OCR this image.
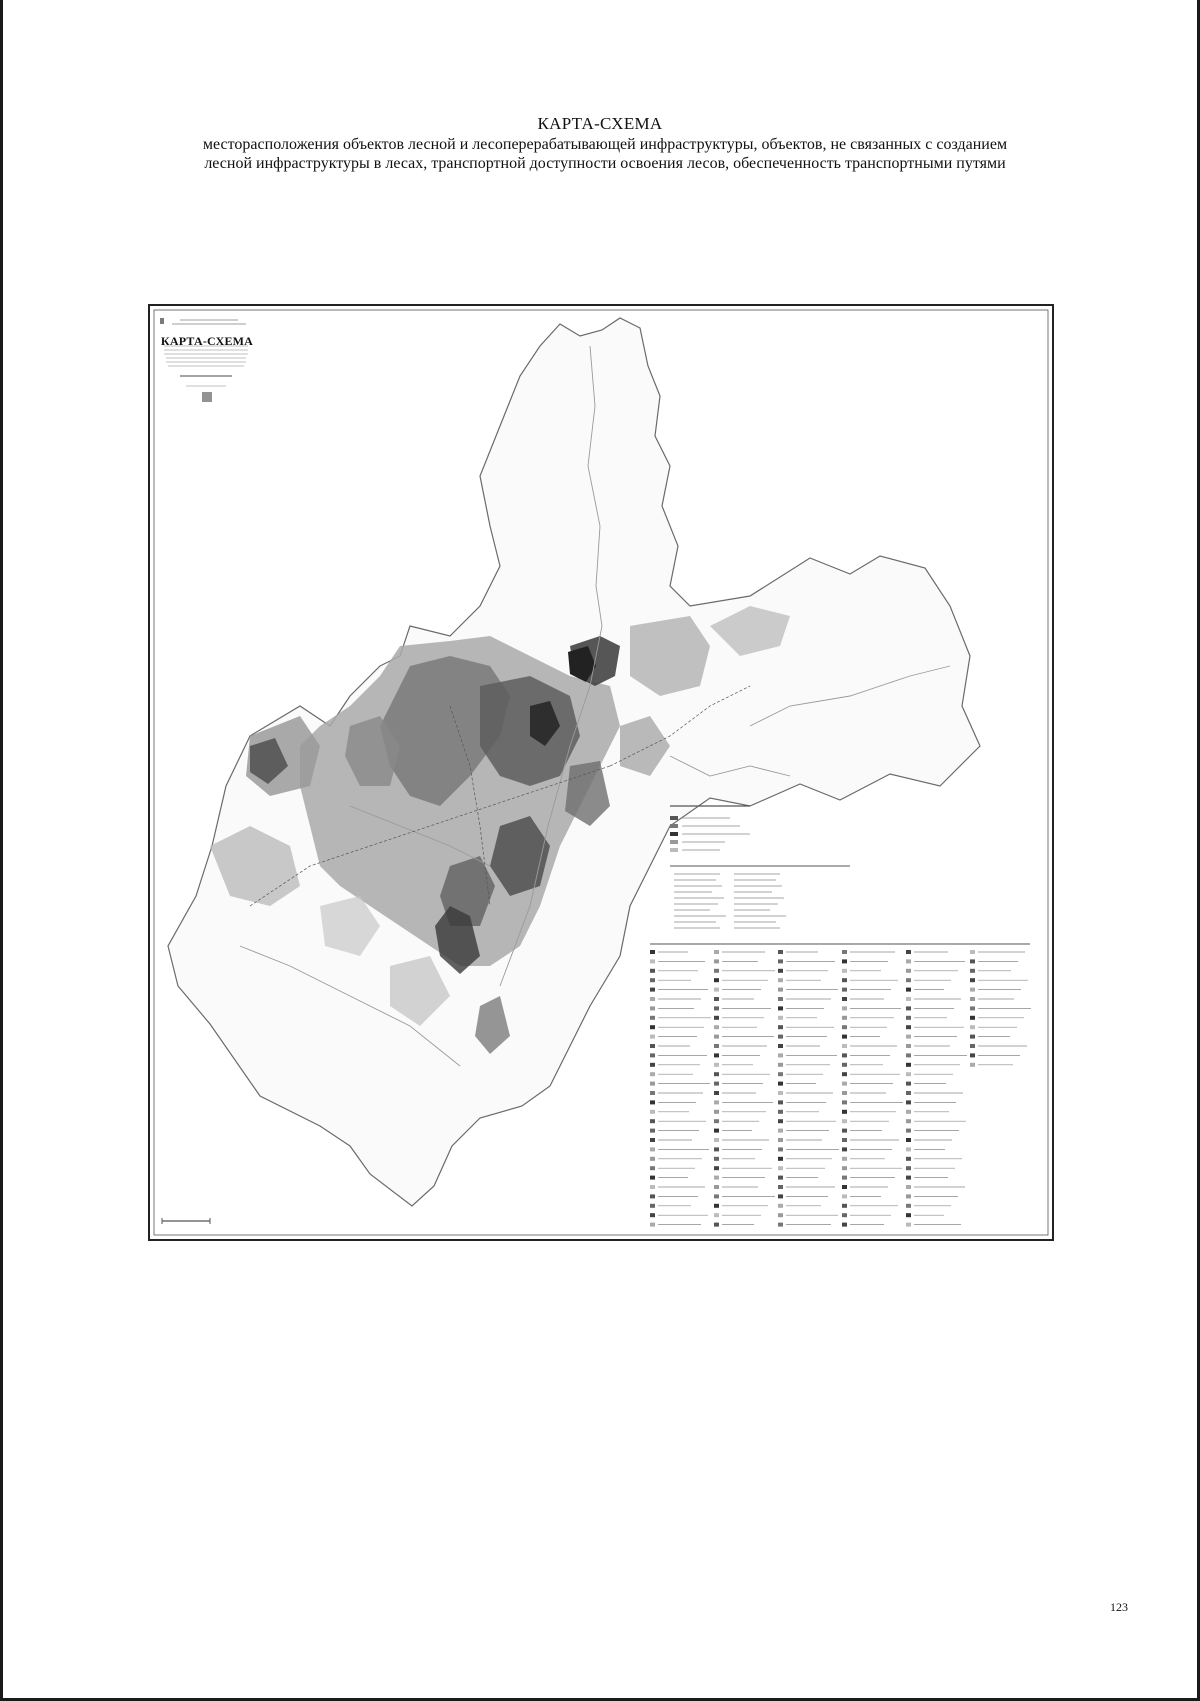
КАРТА-СХЕМА
месторасположения объектов лесной и лесоперерабатывающей инфраструктуры, объектов, не связанных с созданием
лесной инфраструктуры в лесах, транспортной доступности освоения лесов, обеспеченность транспортными путями
КАРТА-СХЕМА
123
